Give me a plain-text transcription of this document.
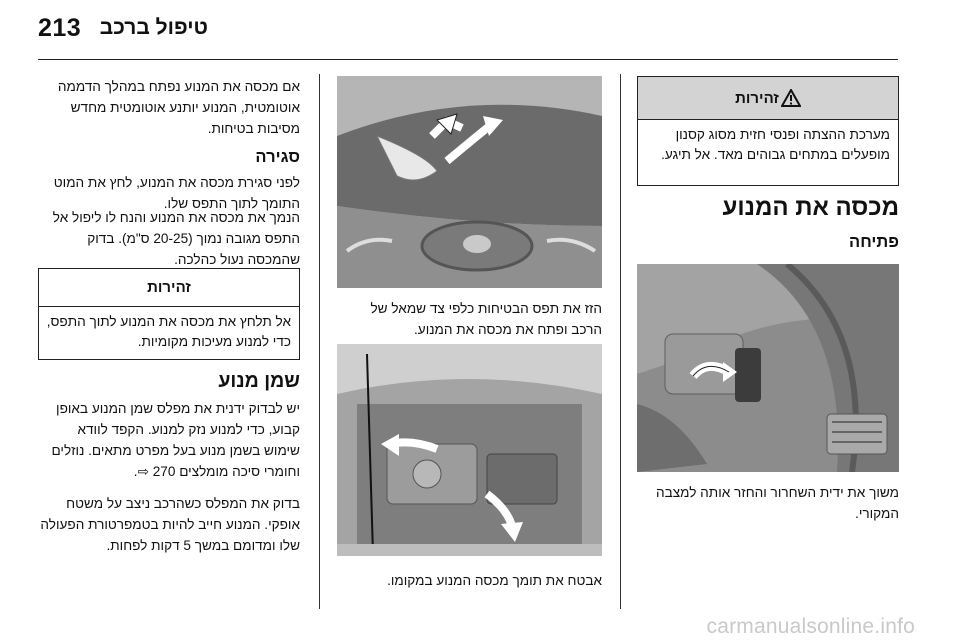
213 טיפול ברכב
זהירות
מערכת ההצתה ופנסי חזית מסוג קסנון מופעלים במתחים גבוהים מאד. אל תיגע.
מכסה את המנוע
פתיחה
משוך את ידית השחרור והחזר אותה למצבה המקורי.
הזז את תפס הבטיחות כלפי צד שמאל של הרכב ופתח את מכסה את המנוע.
אבטח את תומך מכסה המנוע במקומו.

אם מכסה את המנוע נפתח במהלך הדממה אוטומטית, המנוע יותנע אוטומטית מחדש מסיבות בטיחות.

סגירה

לפני סגירת מכסה את המנוע, לחץ את המוט התומך לתוך התפס שלו.

הנמך את מכסה את המנוע והנח לו ליפול אל התפס מגובה נמוך (20-25 ס"מ). בדוק שהמכסה נעול כהלכה.

זהירות
אל תלחץ את מכסה את המנוע לתוך התפס, כדי למנוע מעיכות מקומיות.
שמן מנוע

יש לבדוק ידנית את מפלס שמן המנוע באופן קבוע, כדי למנוע נזק למנוע. הקפד לוודא שימוש בשמן מנוע בעל מפרט מתאים. נוזלים וחומרי סיכה מומלצים 270 ⇨.

בדוק את המפלס כשהרכב ניצב על משטח אופקי. המנוע חייב להיות בטמפרטורת הפעולה שלו ומדומם במשך 5 דקות לפחות.

carmanualsonline.info
